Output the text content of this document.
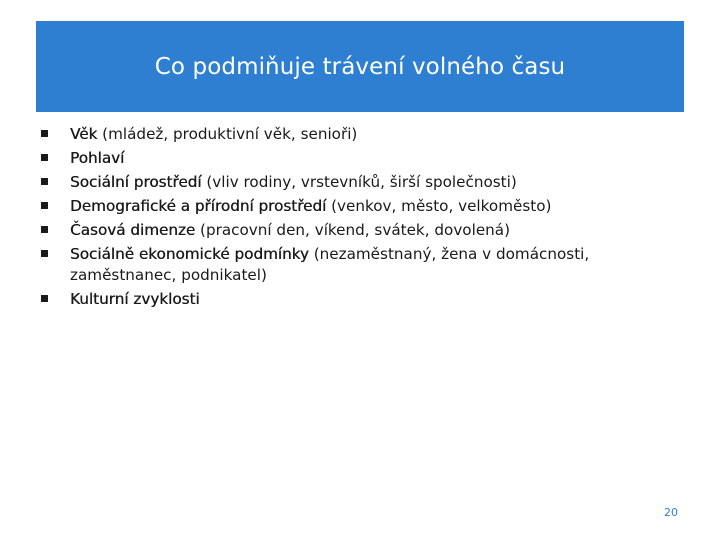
Co podmiňuje trávení volného času
Věk (mládež, produktivní věk, senioři)
Pohlaví
Sociální prostředí (vliv rodiny, vrstevníků, širší společnosti)
Demografické a přírodní prostředí (venkov, město, velkoměsto)
Časová dimenze (pracovní den, víkend, svátek, dovolená)
Sociálně ekonomické podmínky (nezaměstnaný, žena v domácnosti, zaměstnanec, podnikatel)
Kulturní zvyklosti
20
